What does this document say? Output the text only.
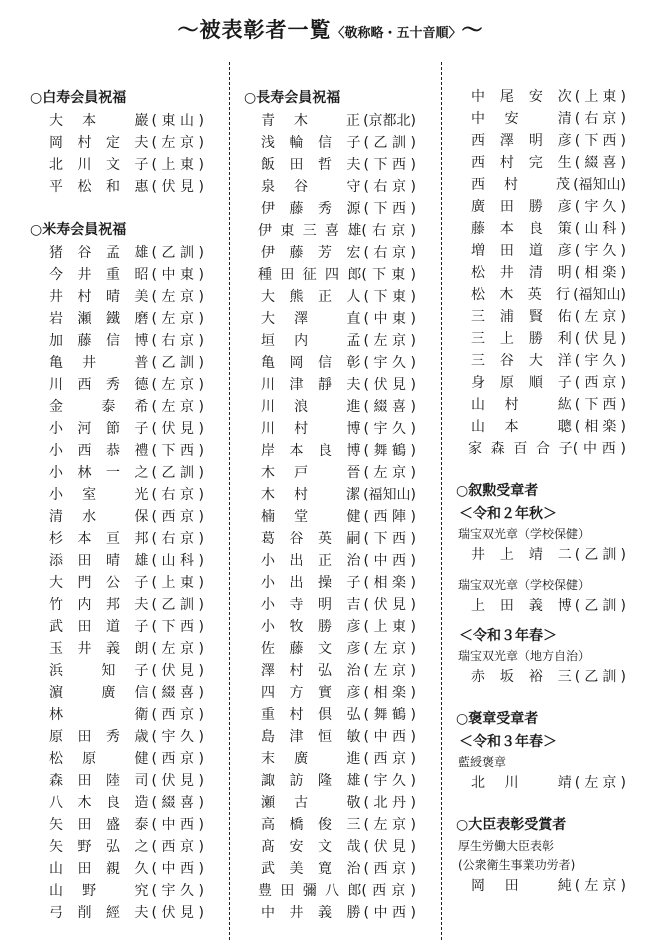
～被表彰者一覧〈敬称略・五十音順〉～
○白寿会員祝福
大 本	巖 ( 東 山 )
岡 村 定 夫 ( 左 京 )
北 川 文 子 ( 上 東 )
平 松 和 惠 ( 伏 見 )
○米寿会員祝福
猪 谷 孟 雄 ( 乙 訓 )
今 井 重 昭 ( 中 東 )
井 村 晴 美 ( 左 京 )
岩 瀬 鐵 磨 ( 左 京 )
加 藤 信 博 ( 右 京 )
亀 井	普 ( 乙 訓 )
川 西 秀 德 ( 左 京 )
金	泰 希 ( 左 京 )
小 河 節 子 ( 伏 見 )
小 西 恭 禮 ( 下 西 )
小 林 一 之 ( 乙 訓 )
小 室	光 ( 右 京 )
清 水	保 ( 西 京 )
杉 本 亘 邦 ( 右 京 )
添 田 晴 雄 ( 山 科 )
大 門 公 子 ( 上 東 )
竹 内 邦 夫 ( 乙 訓 )
武 田 道 子 ( 下 西 )
玉 井 義 朗 ( 左 京 )
浜	知 子 ( 伏 見 )
濵	廣 信 ( 綴 喜 )
林	衛 ( 西 京 )
原 田 秀 歳 ( 宇 久 )
松 原	健 ( 西 京 )
森 田 陸 司 ( 伏 見 )
八 木 良 造 ( 綴 喜 )
矢 田 盛 泰 ( 中 西 )
矢 野 弘 之 ( 西 京 )
山 田 親 久 ( 中 西 )
山 野	究 ( 宇 久 )
弓 削 經 夫 ( 伏 見 )
○長寿会員祝福
青 木	正 (京 都 北)
浅 輪 信 子 ( 乙 訓 )
飯 田 哲 夫 ( 下 西 )
泉 谷	守 ( 右 京 )
伊 藤 秀 源 ( 下 西 )
伊 東 三 喜 雄 ( 右 京 )
伊 藤 芳 宏 ( 右 京 )
種 田 征 四 郎 ( 下 東 )
大 熊 正 人 ( 下 東 )
大 澤	直 ( 中 東 )
垣 内	孟 ( 左 京 )
亀 岡 信 彰 ( 宇 久 )
川 津 靜 夫 ( 伏 見 )
川 浪	進 ( 綴 喜 )
川 村	博 ( 宇 久 )
岸 本 良 博 ( 舞 鶴 )
木 戸	晉 ( 左 京 )
木 村	潔 (福 知 山)
楠 堂	健 ( 西 陣 )
葛 谷 英 嗣 ( 下 西 )
小 出 正 治 ( 中 西 )
小 出 操 子 ( 相 楽 )
小 寺 明 吉 ( 伏 見 )
小 牧 勝 彦 ( 上 東 )
佐 藤 文 彦 ( 左 京 )
澤 村 弘 治 ( 左 京 )
四 方 實 彦 ( 相 楽 )
重 村 倶 弘 ( 舞 鶴 )
島 津 恒 敏 ( 中 西 )
末 廣	進 ( 西 京 )
諏 訪 隆 雄 ( 宇 久 )
瀬 古	敬 ( 北 丹 )
高 橋 俊 三 ( 左 京 )
髙 安 文 哉 ( 伏 見 )
武 美 寛 治 ( 西 京 )
豊 田 彌 八 郎 ( 西 京 )
中 井 義 勝 ( 中 西 )
中 尾 安 次 ( 上 東 )
中 安	清 ( 右 京 )
西 澤 明 彦 ( 下 西 )
西 村 完 生 ( 綴 喜 )
西 村	茂 (福 知 山)
廣 田 勝 彦 ( 宇 久 )
藤 本 良 策 ( 山 科 )
増 田 道 彦 ( 宇 久 )
松 井 清 明 ( 相 楽 )
松 木 英 行 (福 知 山)
三 浦 賢 佑 ( 左 京 )
三 上 勝 利 ( 伏 見 )
三 谷 大 洋 ( 宇 久 )
身 原 順 子 ( 西 京 )
山 村	紘 ( 下 西 )
山 本	聰 ( 相 楽 )
家 森 百 合 子 ( 中 西 )
○叙勲受章者
＜令和２年秋＞
瑞宝双光章（学校保健）
井 上 靖 二 ( 乙 訓 )
瑞宝双光章（学校保健）
上 田 義 博 ( 乙 訓 )
＜令和３年春＞
瑞宝双光章（地方自治）
赤 坂 裕 三 ( 乙 訓 )
○褒章受章者
＜令和３年春＞
藍綬褒章
北 川	靖 ( 左 京 )
○大臣表彰受賞者
厚生労働大臣表彰
(公衆衛生事業功労者)
岡 田	純 ( 左 京 )
